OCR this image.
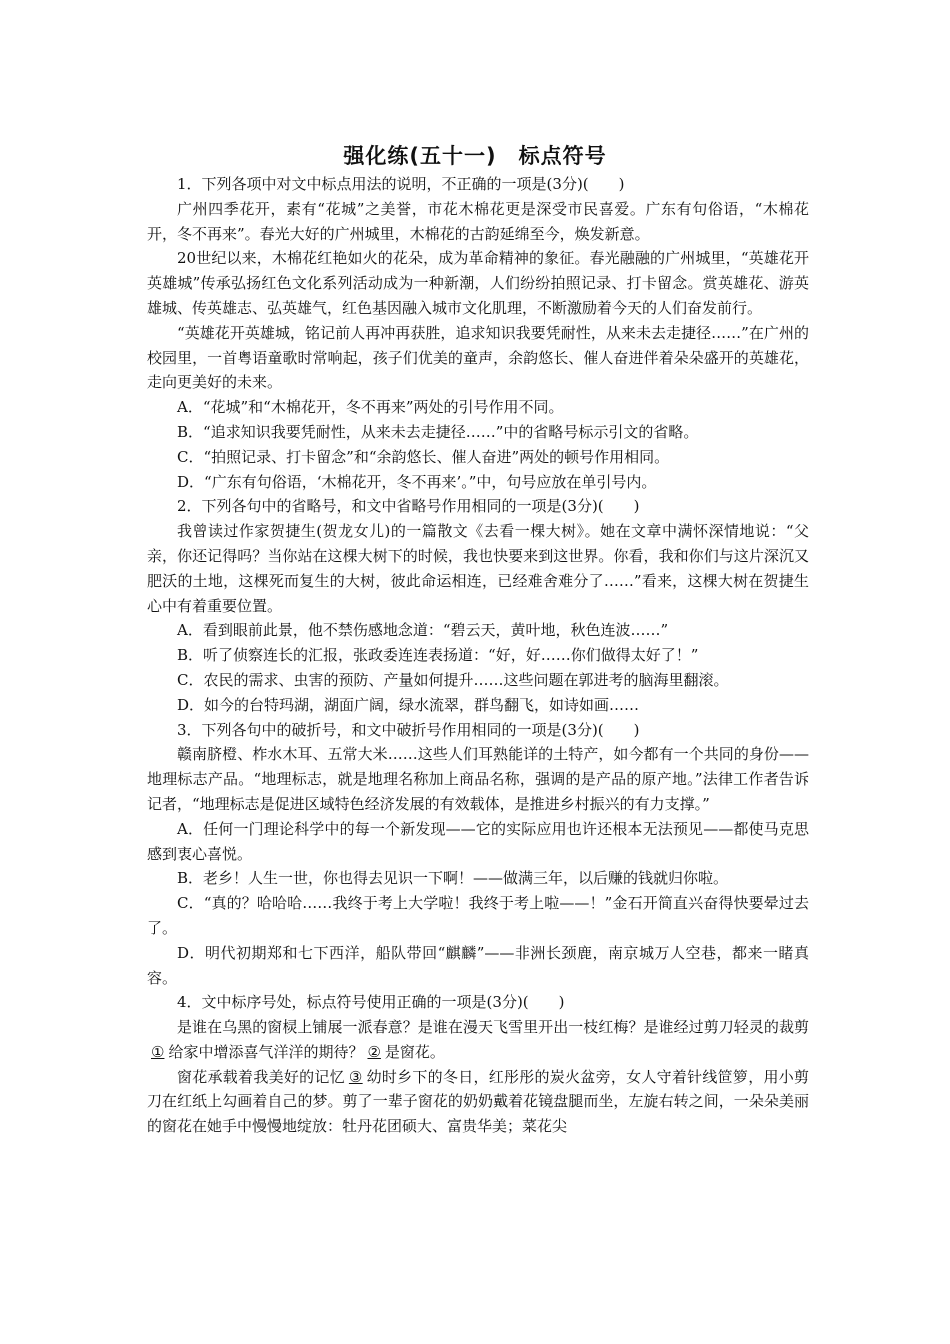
强化练(五十一)　标点符号

1．下列各项中对文中标点用法的说明，不正确的一项是(3分)(　　)

广州四季花开，素有“花城”之美誉，市花木棉花更是深受市民喜爱。广东有句俗语，“木棉花开，冬不再来”。春光大好的广州城里，木棉花的古韵延绵至今，焕发新意。

20世纪以来，木棉花红艳如火的花朵，成为革命精神的象征。春光融融的广州城里，“英雄花开英雄城”传承弘扬红色文化系列活动成为一种新潮，人们纷纷拍照记录、打卡留念。赏英雄花、游英雄城、传英雄志、弘英雄气，红色基因融入城市文化肌理，不断激励着今天的人们奋发前行。

“英雄花开英雄城，铭记前人再冲再获胜，追求知识我要凭耐性，从来未去走捷径……”在广州的校园里，一首粤语童歌时常响起，孩子们优美的童声，余韵悠长、催人奋进伴着朵朵盛开的英雄花，走向更美好的未来。

A．“花城”和“木棉花开，冬不再来”两处的引号作用不同。

B．“追求知识我要凭耐性，从来未去走捷径……”中的省略号标示引文的省略。

C．“拍照记录、打卡留念”和“余韵悠长、催人奋进”两处的顿号作用相同。

D．“广东有句俗语，‘木棉花开，冬不再来’。”中，句号应放在单引号内。

2．下列各句中的省略号，和文中省略号作用相同的一项是(3分)(　　)

我曾读过作家贺捷生(贺龙女儿)的一篇散文《去看一棵大树》。她在文章中满怀深情地说：“父亲，你还记得吗？当你站在这棵大树下的时候，我也快要来到这世界。你看，我和你们与这片深沉又肥沃的土地，这棵死而复生的大树，彼此命运相连，已经难舍难分了……”看来，这棵大树在贺捷生心中有着重要位置。

A．看到眼前此景，他不禁伤感地念道：“碧云天，黄叶地，秋色连波……”

B．听了侦察连长的汇报，张政委连连表扬道：“好，好……你们做得太好了！”

C．农民的需求、虫害的预防、产量如何提升……这些问题在郭进考的脑海里翻滚。

D．如今的台特玛湖，湖面广阔，绿水流翠，群鸟翻飞，如诗如画……

3．下列各句中的破折号，和文中破折号作用相同的一项是(3分)(　　)

赣南脐橙、柞水木耳、五常大米……这些人们耳熟能详的土特产，如今都有一个共同的身份——地理标志产品。“地理标志，就是地理名称加上商品名称，强调的是产品的原产地。”法律工作者告诉记者，“地理标志是促进区域特色经济发展的有效载体，是推进乡村振兴的有力支撑。”

A．任何一门理论科学中的每一个新发现——它的实际应用也许还根本无法预见——都使马克思感到衷心喜悦。

B．老乡！人生一世，你也得去见识一下啊！——做满三年，以后赚的钱就归你啦。

C．“真的？哈哈哈……我终于考上大学啦！我终于考上啦——！”金石开简直兴奋得快要晕过去了。

D．明代初期郑和七下西洋，船队带回“麒麟”——非洲长颈鹿，南京城万人空巷，都来一睹真容。

4．文中标序号处，标点符号使用正确的一项是(3分)(　　)

是谁在乌黑的窗棂上铺展一派春意？是谁在漫天飞雪里开出一枝红梅？是谁经过剪刀轻灵的裁剪① 给家中增添喜气洋洋的期待？ ② 是窗花。

窗花承载着我美好的记忆 ③ 幼时乡下的冬日，红彤彤的炭火盆旁，女人守着针线笸箩，用小剪刀在红纸上勾画着自己的梦。剪了一辈子窗花的奶奶戴着花镜盘腿而坐，左旋右转之间，一朵朵美丽的窗花在她手中慢慢地绽放：牡丹花团硕大、富贵华美；菜花尖
